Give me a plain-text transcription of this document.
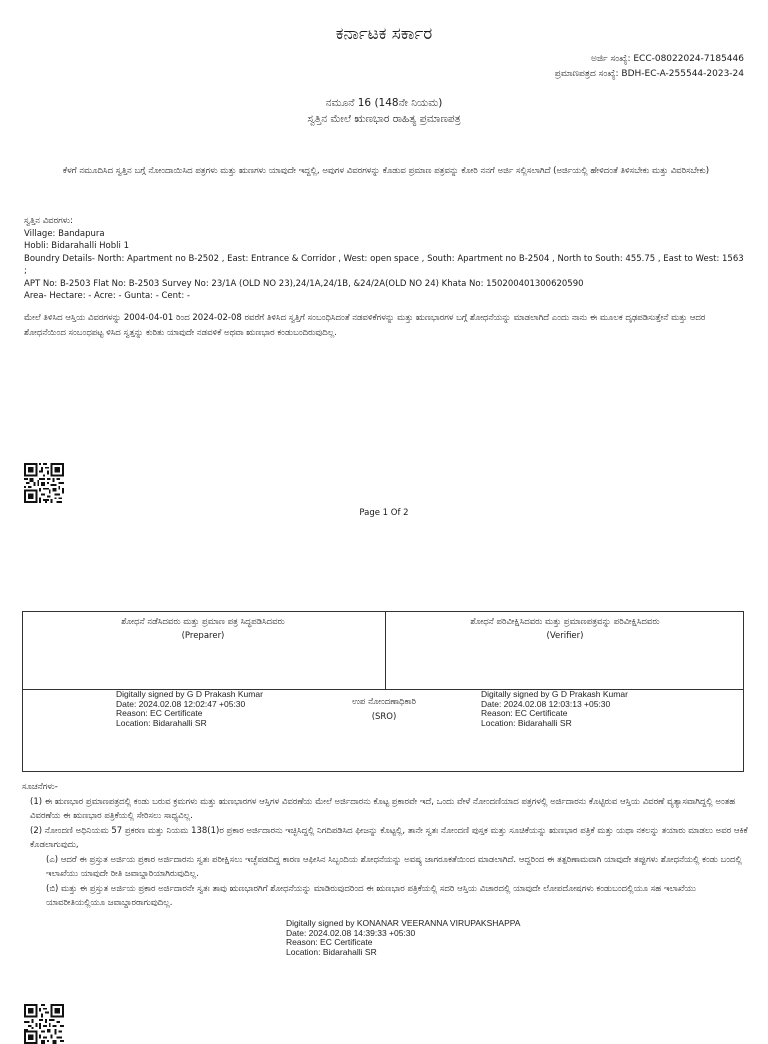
ಕರ್ನಾಟಕ ಸರ್ಕಾರ
ಅರ್ಜಿ ಸಂಖ್ಯೆ: ECC-08022024-7185446
ಪ್ರಮಾಣಪತ್ರದ ಸಂಖ್ಯೆ: BDH-EC-A-255544-2023-24
ನಮೂನೆ 16 (148ನೇ ನಿಯಮ)
ಸ್ವತ್ತಿನ ಮೇಲೆ ಋಣಭಾರ ರಾಹಿತ್ಯ ಪ್ರಮಾಣಪತ್ರ
ಕೆಳಗೆ ನಮೂದಿಸಿದ ಸ್ವತ್ತಿನ ಬಗ್ಗೆ ನೋಂದಾಯಿಸಿದ ಪತ್ರಗಳು ಮತ್ತು ಋಣಗಳು ಯಾವುದೇ ಇದ್ದಲ್ಲಿ, ಅವುಗಳ ವಿವರಗಳನ್ನು ಕೊಡುವ ಪ್ರಮಾಣ ಪತ್ರವನ್ನು ಕೋರಿ ನನಗೆ ಅರ್ಜಿ ಸಲ್ಲಿಸಲಾಗಿದೆ (ಅರ್ಜಿಯಲ್ಲಿ ಹೇಳಿದಂತೆ ತಿಳಿಸಬೇಕು ಮತ್ತು ವಿವರಿಸಬೇಕು)
ಸ್ವತ್ತಿನ ವಿವರಗಳು:
Village: Bandapura
Hobli: Bidarahalli Hobli 1
Boundry Details- North: Apartment no B-2502 , East: Entrance & Corridor , West: open space , South: Apartment no B-2504 , North to South: 455.75 , East to West: 1563 ;
APT No: B-2503 Flat No: B-2503 Survey No: 23/1A (OLD NO 23),24/1A,24/1B, &24/2A(OLD NO 24) Khata No: 150200401300620590
Area- Hectare: - Acre: - Gunta: - Cent: -
ಮೇಲೆ ತಿಳಿಸಿದ ಆಸ್ತಿಯ ವಿವರಗಳನ್ನು 2004-04-01 ರಿಂದ 2024-02-08 ರವರೆಗೆ ತಿಳಿಸಿದ ಸ್ವತ್ತಿಗೆ ಸಂಬಂಧಿಸಿದಂತೆ ನಡವಳಿಕೆಗಳನ್ನು ಮತ್ತು ಋಣಭಾರಗಳ ಬಗ್ಗೆ ಶೋಧನೆಯನ್ನು ಮಾಡಲಾಗಿದೆ ಎಂದು ನಾನು ಈ ಮೂಲಕ ದೃಢಪಡಿಸುತ್ತೇನೆ ಮತ್ತು ಆದರ ಶೋಧನೆಯಿಂದ ಸಂಬಂಧಪಟ್ಟ ಳಿಸಿದ ಸ್ವತ್ತನ್ನು ಕುರಿತು ಯಾವುದೇ ನಡವಳಿಕೆ ಅಥವಾ ಋಣಭಾರ ಕಂಡುಬಂದಿರುವುದಿಲ್ಲ.
Page 1 Of 2
ಶೋಧನೆ ನಡೆಸಿದವರು ಮತ್ತು ಪ್ರಮಾಣ ಪತ್ರ ಸಿದ್ಧಪಡಿಸಿದವರು
(Preparer)
ಶೋಧನೆ ಪರಿವೀಕ್ಷಿಸಿದವರು ಮತ್ತು ಪ್ರಮಾಣಪತ್ರವನ್ನು ಪರಿವೀಕ್ಷಿಸಿದವರು
(Verifier)
Digitally signed by G D Prakash Kumar
Date: 2024.02.08 12:02:47 +05:30
Reason: EC Certificate
Location: Bidarahalli SR
ಉಪ ನೋಂದಣಾಧಿಕಾರಿ
(SRO)
Digitally signed by G D Prakash Kumar
Date: 2024.02.08 12:03:13 +05:30
Reason: EC Certificate
Location: Bidarahalli SR

ಸೂಚನೆಗಳು-

(1) ಈ ಋಣಭಾರ ಪ್ರಮಾಣಪತ್ರದಲ್ಲಿ ಕಂಡು ಬರುವ ಕ್ರಮಗಳು ಮತ್ತು ಋಣಭಾರಗಳ ಆಸ್ತಿಗಳ ವಿವರಣೆಯ ಮೇಲೆ ಅರ್ಜಿದಾರನು ಕೊಟ್ಟ ಪ್ರಕಾರವೇ ಇದೆ, ಒಂದು ವೇಳೆ ನೋಂದಣಿಯಾದ ಪತ್ರಗಳಲ್ಲಿ ಅರ್ಜಿದಾರನು ಕೊಟ್ಟಿರುವ ಆಸ್ತಿಯ ವಿವರಣೆ ವ್ಯತ್ಯಾಸವಾಗಿದ್ದಲ್ಲಿ ಅಂತಹ ವಿವರಣೆಯ ಈ ಋಣಭಾರ ಪತ್ರಿಕೆಯಲ್ಲಿ ಸೇರಿಸಲು ಸಾಧ್ಯವಿಲ್ಲ.

(2) ನೋಂದಣಿ ಅಧಿನಿಯಮ 57 ಪ್ರಕರಣ ಮತ್ತು ನಿಯಮ 138(1)ರ ಪ್ರಕಾರ ಅರ್ಜಿದಾರನು ಇಚ್ಛಿಸಿದ್ದಲ್ಲಿ ನಿಗದಿಪಡಿಸಿದ ಫೀಜನ್ನು ಕೊಟ್ಟಲ್ಲಿ, ತಾನೇ ಸ್ವತಃ ನೋಂದಣಿ ಪುಸ್ತಕ ಮತ್ತು ಸೂಚಿಕೆಯನ್ನು ಋಣಭಾರ ಪತ್ರಿಕೆ ಮತ್ತು ಯಥಾ ನಕಲನ್ನು ತಯಾರು ಮಾಡಲು ಅವರ ಆಕಿಕೆ ಕೊಡಲಾಗುವುದು,

(ಎ) ಆದರೆ ಈ ಪ್ರಸ್ತುತ ಅರ್ಜಿಯ ಪ್ರಕಾರ ಅರ್ಜಿದಾರನು ಸ್ವತಃ ಪರೀಕ್ಷಿಸಲು ಇಚ್ಛೆಪಡದಿದ್ದ ಕಾರಣ ಆಫೀಸಿನ ಸಿಬ್ಬಂದಿಯ ಶೋಧನೆಯನ್ನು ಅವಷ್ಯ ಜಾಗರೂಕತೆಯಿಂದ ಮಾಡಲಾಗಿದೆ. ಆದ್ದರಿಂದ ಈ ತತ್ಪರಿಣಾಮವಾಗಿ ಯಾವುದೇ ತಪ್ಪುಗಳು ಶೋಧನೆಯಲ್ಲಿ ಕಂಡು ಬಂದಲ್ಲಿ ಇಲಾಖೆಯು ಯಾವುದೇ ರೀತಿ ಜವಾಬ್ದಾರಿಯಾಗಿರುವುದಿಲ್ಲ.

(ಬಿ) ಮತ್ತು ಈ ಪ್ರಸ್ತುತ ಅರ್ಜಿಯ ಪ್ರಕಾರ ಅರ್ಜಿದಾರನೇ ಸ್ವತಃ ತಾವು ಋಣಭಾರಗಿಗೆ ಶೋಧನೆಯನ್ನು ಮಾಡಿರುವುದರಿಂದ ಈ ಋಣಭಾರ ಪತ್ರಿಕೆಯಲ್ಲಿ ಸದರಿ ಆಸ್ತಿಯ ವಿಚಾರದಲ್ಲಿ ಯಾವುದೇ ಲೋಪದೋಷಗಳು ಕಂಡುಬಂದಲ್ಲಿಯೂ ಸಹ ಇಲಾಖೆಯು ಯಾವರೀತಿಯಲ್ಲಿಯೂ ಜವಾಬ್ದಾರರಾಗುವುದಿಲ್ಲ.

Digitally signed by KONANAR VEERANNA VIRUPAKSHAPPA
Date: 2024.02.08 14:39:33 +05:30
Reason: EC Certificate
Location: Bidarahalli SR
